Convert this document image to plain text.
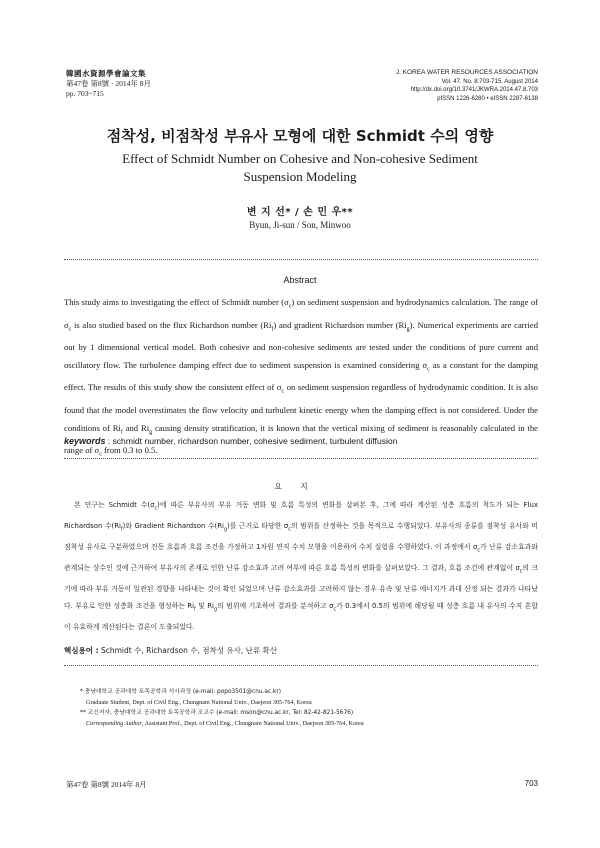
韓國水資源學會論文集
第47卷 第8號 · 2014年 8月
pp. 703~715
J. KOREA WATER RESOURCES ASSOCIATION
Vol. 47. No. 8:703-715, August 2014
http://dx.doi.org/10.3741/JKWRA.2014.47.8.703
pISSN 1226-6280 • eISSN 2287-6138
점착성, 비점착성 부유사 모형에 대한 Schmidt 수의 영향
Effect of Schmidt Number on Cohesive and Non-cohesive Sediment
Suspension Modeling
변 지 선* / 손 민 우**
Byun, Ji-sun / Son, Minwoo
Abstract
This study aims to investigating the effect of Schmidt number $(\sigma_c)$ on sediment suspension and hydrodynamics calculation. The range of $\sigma_c$ is also studied based on the flux Richardson number $(Ri_f)$ and gradient Richardson number $(Ri_g)$. Numerical experiments are carried out by 1 dimensional vertical model. Both cohesive and non-cohesive sediments are tested under the conditions of pure current and oscillatory flow. The turbulence damping effect due to sediment suspension is examined considering $\sigma_c$ as a constant for the damping effect. The results of this study show the consistent effect of $\sigma_c$ on sediment suspension regardless of hydrodynamic condition. It is also found that the model overestimates the flow velocity and turbulent kinetic energy when the damping effect is not considered. Under the conditions of $Ri_f$ and $Ri_g$ causing density stratification, it is known that the vertical mixing of sediment is reasonably calculated in the range of $\sigma_c$ from 0.3 to 0.5.
keywords : schmidt number, richardson number, cohesive sediment, turbulent diffusion
요지
본 연구는 Schmidt 수$(\sigma_c)$에 따른 부유사의 부유 거동 변화 및 흐름 특성의 변화를 살펴본 후, 그에 따라 계산된 성층 흐름의 척도가 되는 Flux Richardson 수$(Ri_f)$와 Gradient Richardson 수$(Ri_g)$를 근거로 타당한 $\sigma_c$의 범위를 산정하는 것을 목적으로 수행되었다. 부유사의 종류를 점착성 유사와 비점착성 유사로 구분하였으며 진동 흐름과 흐름 조건을 가정하고 1차원 연직 수치 모형을 이용하여 수치 실험을 수행하였다. 이 과정에서 $\sigma_c$가 난류 감소효과와 관계되는 상수인 것에 근거하여 부유사의 존재로 인한 난류 감소효과 고려 여부에 따른 흐름 특성의 변화를 살펴보았다. 그 결과, 흐름 조건에 관계없이 $\sigma_c$의 크기에 따라 부유 거동이 일관된 경향을 나타내는 것이 확인 되었으며 난류 감소효과를 고려하지 않는 경우 유속 및 난류 에너지가 과대 산정 되는 결과가 나타났다. 부유로 인한 성층화 조건을 형성하는 $Ri_f$ 및 $Ri_g$의 범위에 기초하여 결과를 분석하고 $\sigma_c$가 0.3에서 0.5의 범위에 해당될 때 성층 흐름 내 유사의 수직 혼합이 유효하게 계산된다는 결론이 도출되었다.
핵심용어 : Schmidt 수, Richardson 수, 점착성 유사, 난류 확산
* 충남대학교 공과대학 토목공학과 석사과정 (e-mail: popo3501@cnu.ac.kr)
Graduate Student, Dept. of Civil Eng., Chungnam National Univ., Daejeon 305-764, Korea
** 교신저자, 충남대학교 공과대학 토목공학과 조교수 (e-mail: mson@cnu.ac.kr, Tel: 82-42-821-5676)
Corresponding Author, Assistant Prof., Dept. of Civil Eng., Chungnam National Univ., Daejeon 305-764, Korea
第47卷 第8號 2014年 8月	703
